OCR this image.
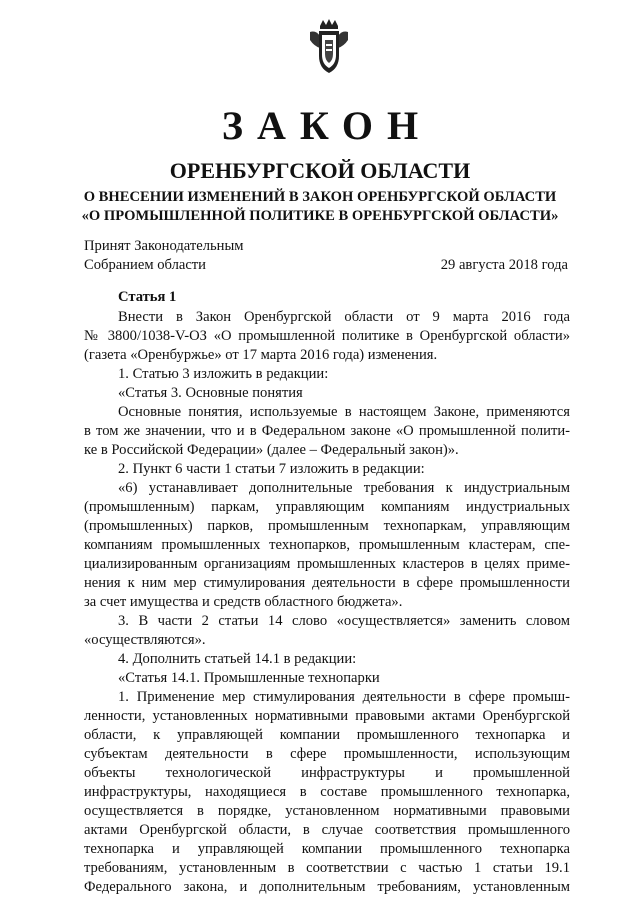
ЗАКОН
ОРЕНБУРГСКОЙ ОБЛАСТИ
О ВНЕСЕНИИ ИЗМЕНЕНИЙ В ЗАКОН ОРЕНБУРГСКОЙ ОБЛАСТИ
«О ПРОМЫШЛЕННОЙ ПОЛИТИКЕ В ОРЕНБУРГСКОЙ ОБЛАСТИ»
Принят Законодательным
Собранием области	29 августа 2018 года

Статья 1

Внести в Закон Оренбургской области от 9 марта 2016 года

№ 3800/1038-V-ОЗ «О промышленной политике в Оренбургской области»

(газета «Оренбуржье» от 17 марта 2016 года) изменения.

1. Статью 3 изложить в редакции:

«Статья 3. Основные понятия

Основные понятия, используемые в настоящем Законе, применяются

в том же значении, что и в Федеральном законе «О промышленной полити-

ке в Российской Федерации» (далее – Федеральный закон)».

2. Пункт 6 части 1 статьи 7 изложить в редакции:

«6) устанавливает дополнительные требования к индустриальным

(промышленным) паркам, управляющим компаниям индустриальных

(промышленных) парков, промышленным технопаркам, управляющим

компаниям промышленных технопарков, промышленным кластерам, спе-

циализированным организациям промышленных кластеров в целях приме-

нения к ним мер стимулирования деятельности в сфере промышленности

за счет имущества и средств областного бюджета».

3. В части 2 статьи 14 слово «осуществляется» заменить словом

«осуществляются».

4. Дополнить статьей 14.1 в редакции:

«Статья 14.1. Промышленные технопарки

1. Применение мер стимулирования деятельности в сфере промыш-

ленности, установленных нормативными правовыми актами Оренбургской

области, к управляющей компании промышленного технопарка и

субъектам деятельности в сфере промышленности, использующим

объекты технологической инфраструктуры и промышленной

инфраструктуры, находящиеся в составе промышленного технопарка,

осуществляется в порядке, установленном нормативными правовыми

актами Оренбургской области, в случае соответствия промышленного

технопарка и управляющей компании промышленного технопарка

требованиям, установленным в соответствии с частью 1 статьи 19.1

Федерального закона, и дополнительным требованиям, установленным
